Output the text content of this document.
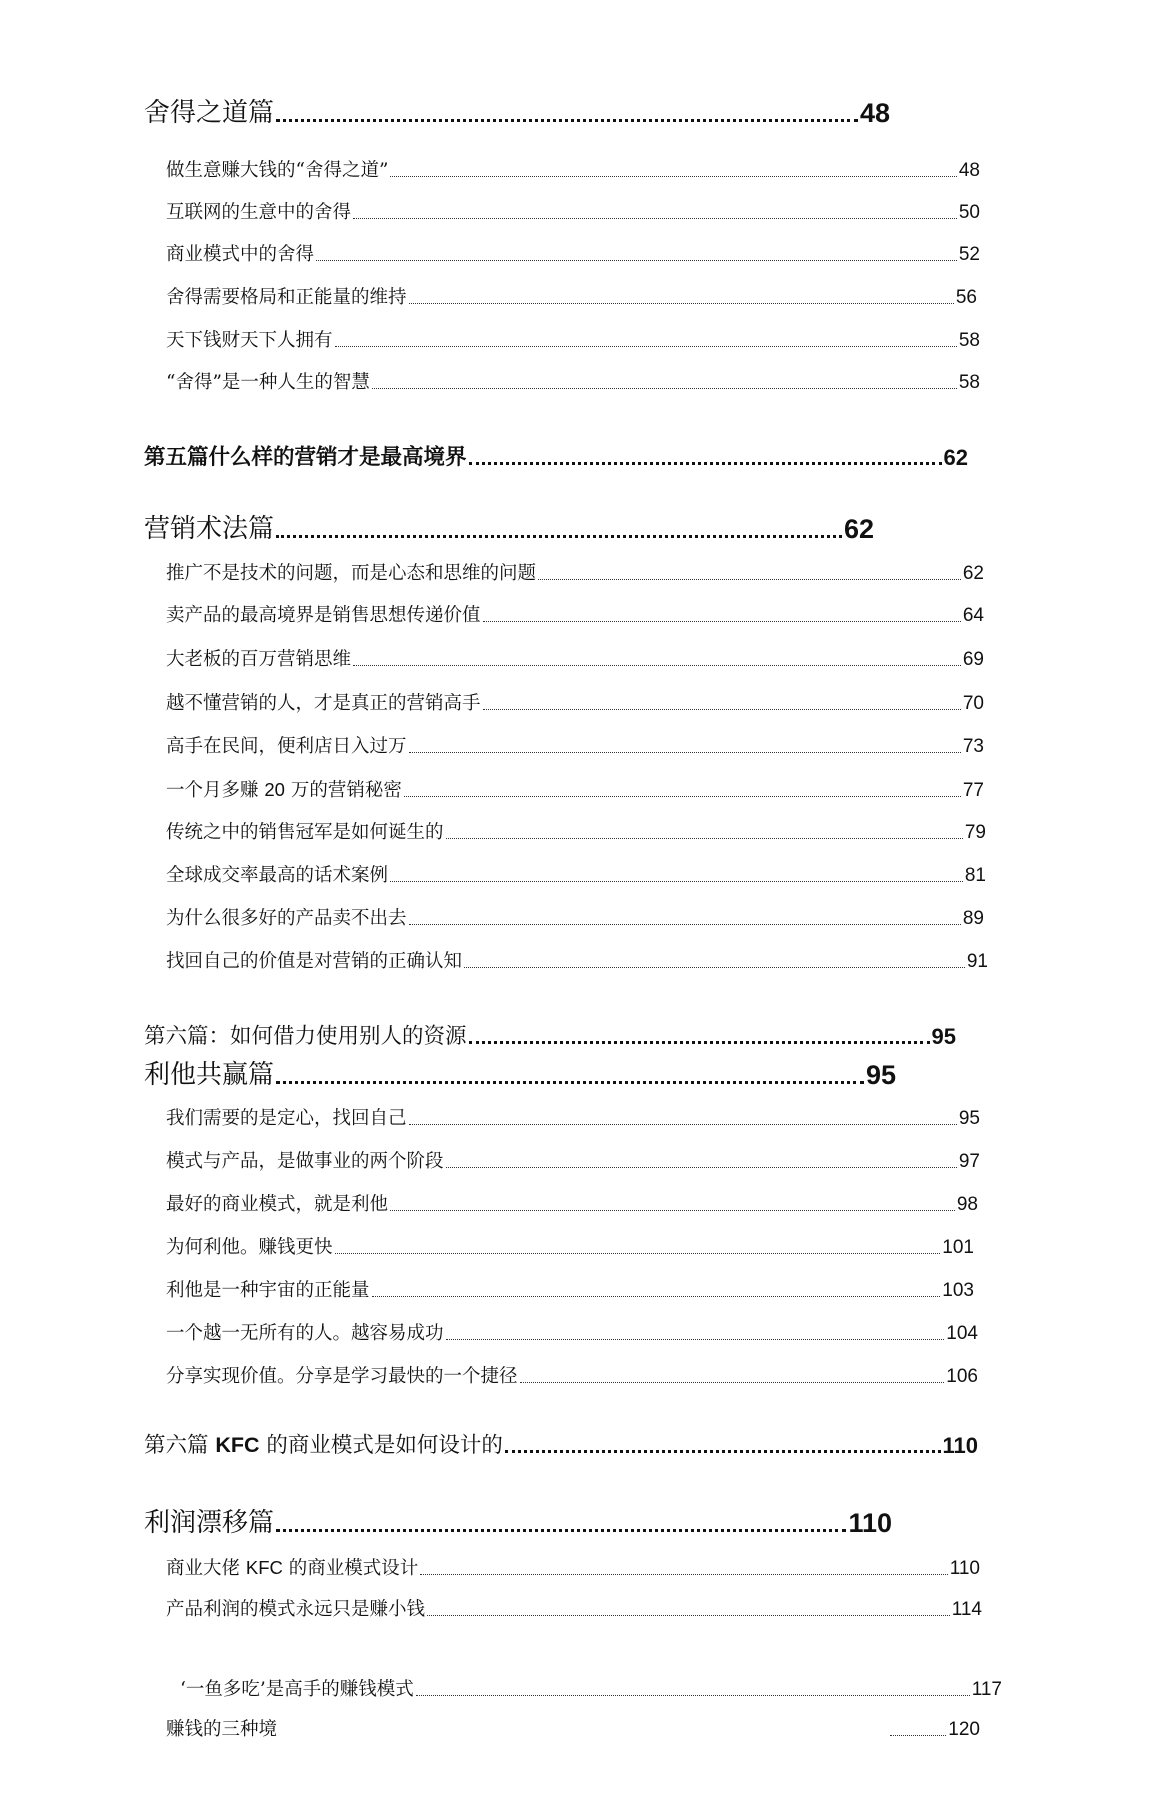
舍得之道篇	48
做生意赚大钱的“舍得之道”	48
互联网的生意中的舍得	50
商业模式中的舍得	52
舍得需要格局和正能量的维持	56
天下钱财天下人拥有	58
“舍得”是一种人生的智慧	58
第五篇什么样的营销才是最高境界	62
营销术法篇	62
推广不是技术的问题，而是心态和思维的问题	62
卖产品的最高境界是销售思想传递价值	64
大老板的百万营销思维	69
越不懂营销的人，才是真正的营销高手	70
高手在民间，便利店日入过万	73
一个月多赚 20 万的营销秘密	77
传统之中的销售冠军是如何诞生的	79
全球成交率最高的话术案例	81
为什么很多好的产品卖不出去	89
找回自己的价值是对营销的正确认知	91
第六篇：如何借力使用别人的资源	95
利他共赢篇	95
我们需要的是定心，找回自己	95
模式与产品，是做事业的两个阶段	97
最好的商业模式，就是利他	98
为何利他。赚钱更快	101
利他是一种宇宙的正能量	103
一个越一无所有的人。越容易成功	104
分享实现价值。分享是学习最快的一个捷径	106
第六篇 KFC 的商业模式是如何设计的	110
利润漂移篇	110
商业大佬 KFC 的商业模式设计	110
产品利润的模式永远只是赚小钱	114
‘一鱼多吃’是高手的赚钱模式	117
赚钱的三种境	120
